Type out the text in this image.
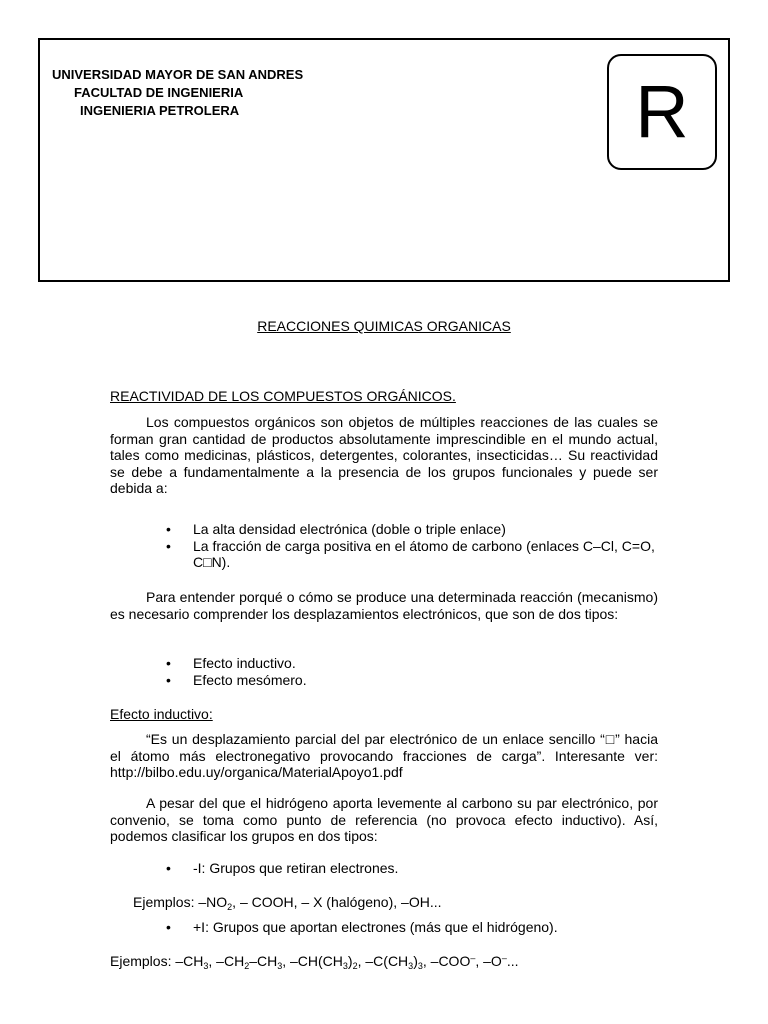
UNIVERSIDAD MAYOR DE SAN ANDRES
FACULTAD DE INGENIERIA
INGENIERIA PETROLERA	R
REACCIONES QUIMICAS ORGANICAS
REACTIVIDAD DE LOS COMPUESTOS ORGÁNICOS.

Los compuestos orgánicos son objetos de múltiples reacciones de las cuales se forman gran cantidad de productos absolutamente imprescindible en el mundo actual, tales como medicinas, plásticos, detergentes, colorantes, insecticidas… Su reactividad se debe a fundamentalmente a la presencia de los grupos funcionales y puede ser debida a:

• La alta densidad electrónica (doble o triple enlace)
• La fracción de carga positiva en el átomo de carbono (enlaces C–Cl, C=O, C□N).

Para entender porqué o cómo se produce una determinada reacción (mecanismo) es necesario comprender los desplazamientos electrónicos, que son de dos tipos:

• Efecto inductivo.
• Efecto mesómero.
Efecto inductivo:

“Es un desplazamiento parcial del par electrónico de un enlace sencillo “□” hacia el átomo más electronegativo provocando fracciones de carga”. Interesante ver: http://bilbo.edu.uy/organica/MaterialApoyo1.pdf

A pesar del que el hidrógeno aporta levemente al carbono su par electrónico, por convenio, se toma como punto de referencia (no provoca efecto inductivo). Así, podemos clasificar los grupos en dos tipos:

• -I: Grupos que retiran electrones.
Ejemplos: $-NO_2$, – COOH, – X (halógeno), –OH...
• +I: Grupos que aportan electrones (más que el hidrógeno).
Ejemplos: $-CH_3$, $-CH_2-CH_3$, $-CH(CH_3)_2$, $-C(CH_3)_3$, –COO–, –O–...
